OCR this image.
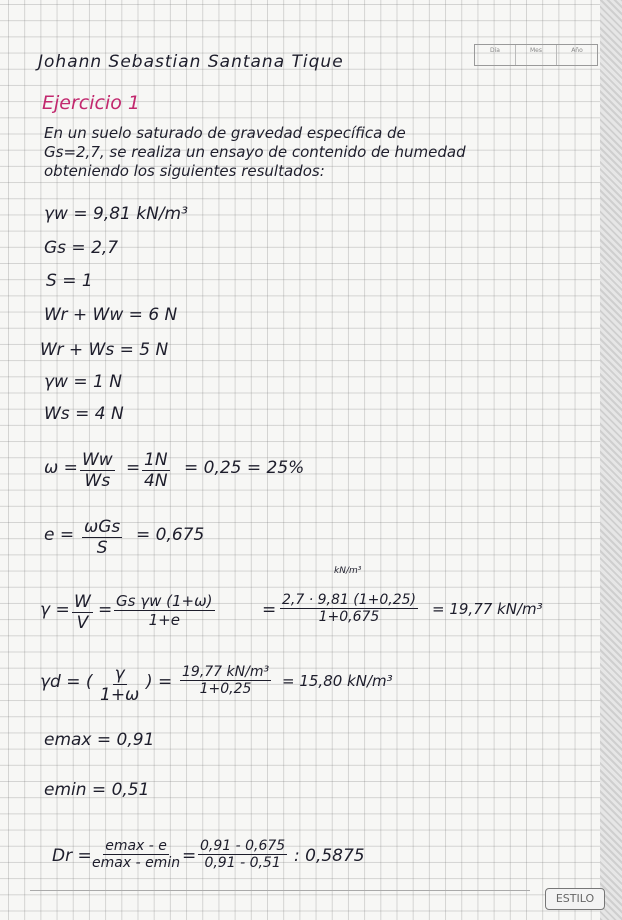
Día	Mes	Año
Johann Sebastian Santana Tique
Ejercicio 1
En un suelo saturado de gravedad específica de
Gs=2,7, se realiza un ensayo de contenido de humedad
obteniendo los siguientes resultados:
γw = 9,81 kN/m³
Gs = 2,7
S = 1
Wr + Ww = 6 N
Wr + Ws = 5 N
γw = 1 N
Ws = 4 N
$\omega = \frac{Ww}{Ws} = \frac{1N}{4N} = 0,25 = 25\%$
e = ωGs
S
= 0,675
kN/m³
$\gamma = \frac{W}{V} = \frac{\text{Gs γw (1+ω)}}{1+e}$	= $\frac{2,7 \cdot 9,81 (1+0,25)}{1+0,675} = 19,77$ kN/m³
γd = ( $\frac{\gamma}{1+\omega}$ ) = $\frac{\text{19,77 kN/m³}}{1+0,25} = 15,80$ kN/m³
emax = 0,91
emin = 0,51
Dr = emax - e
$emax - emin = \frac{0,91 - 0,675}{0,91 - 0,51}$ : 0,5875
ESTILO
